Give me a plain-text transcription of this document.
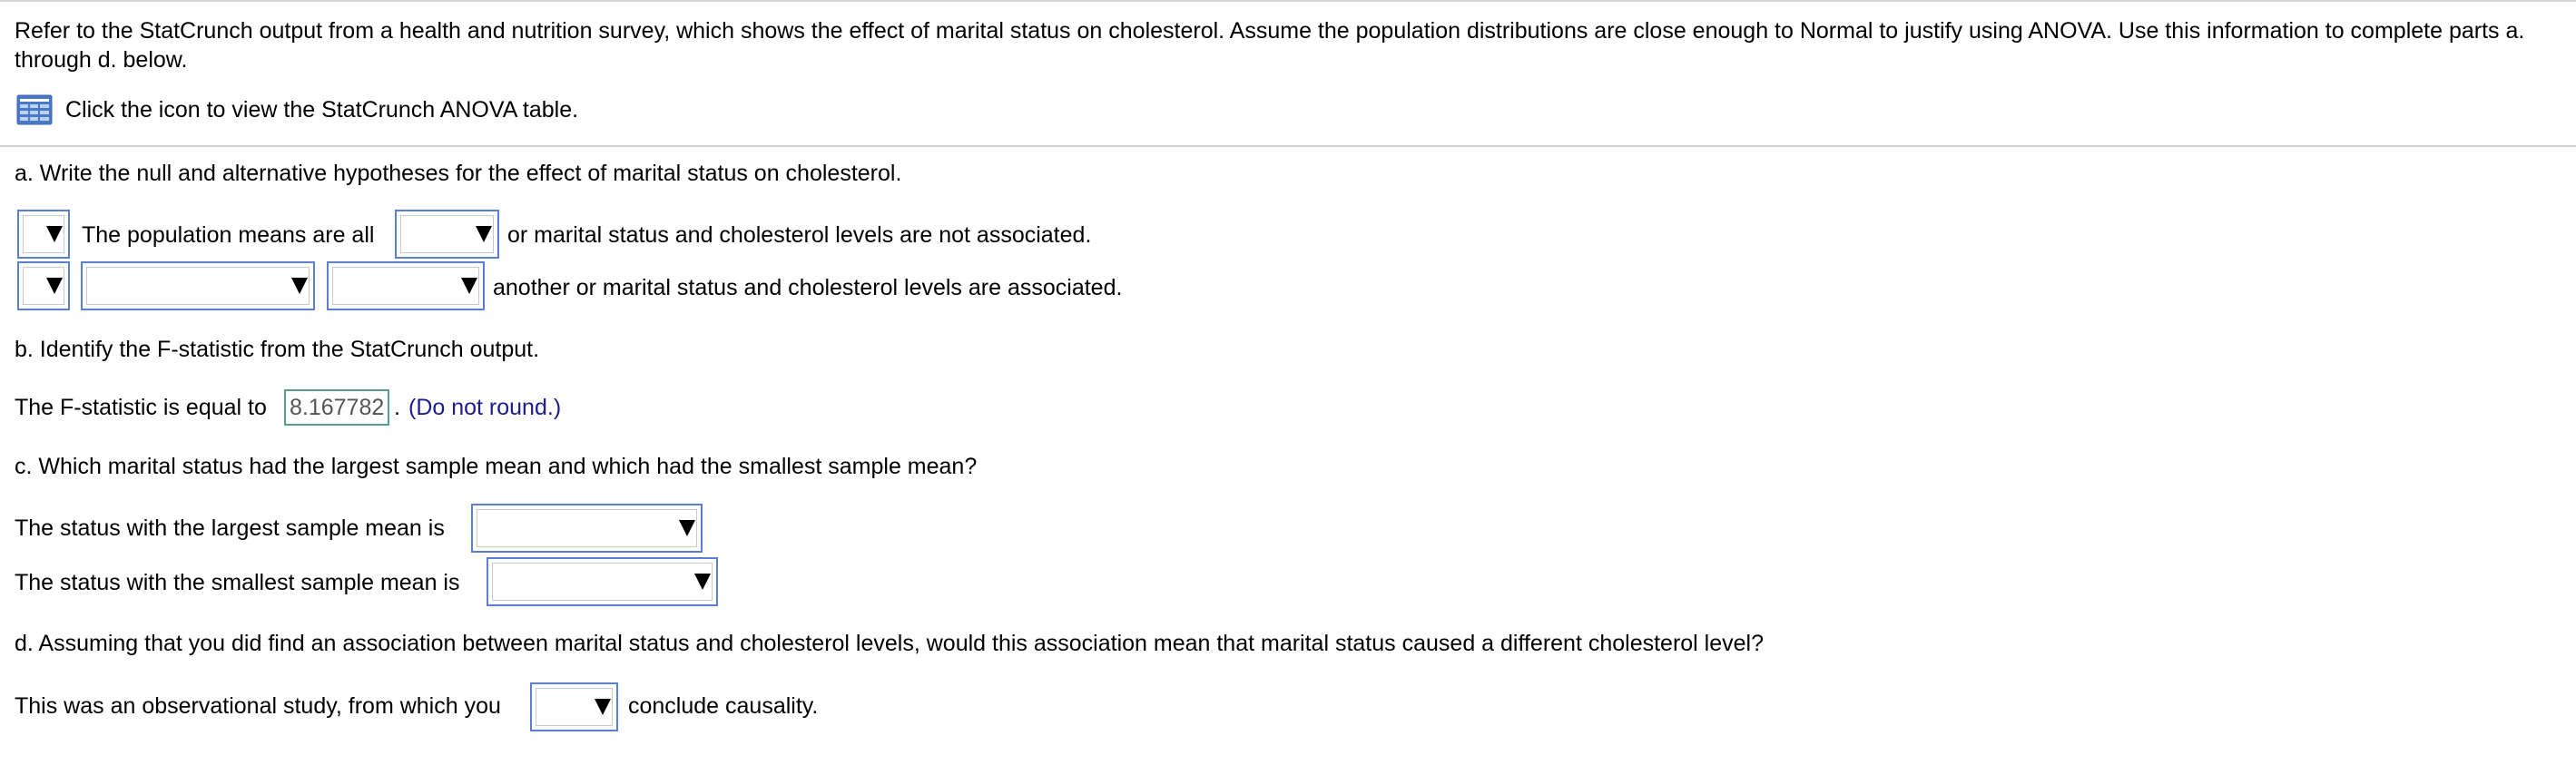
Refer to the StatCrunch output from a health and nutrition survey, which shows the effect of marital status on cholesterol. Assume the population distributions are close enough to Normal to justify using ANOVA. Use this information to complete parts a. through d. below.
Click the icon to view the StatCrunch ANOVA table.
a. Write the null and alternative hypotheses for the effect of marital status on cholesterol.
The population means are all	or marital status and cholesterol levels are not associated.
another or marital status and cholesterol levels are associated.
b. Identify the F-statistic from the StatCrunch output.
The F-statistic is equal to 8.167782 . (Do not round.)
c. Which marital status had the largest sample mean and which had the smallest sample mean?
The status with the largest sample mean is
The status with the smallest sample mean is
d. Assuming that you did find an association between marital status and cholesterol levels, would this association mean that marital status caused a different cholesterol level?
This was an observational study, from which you	conclude causality.
